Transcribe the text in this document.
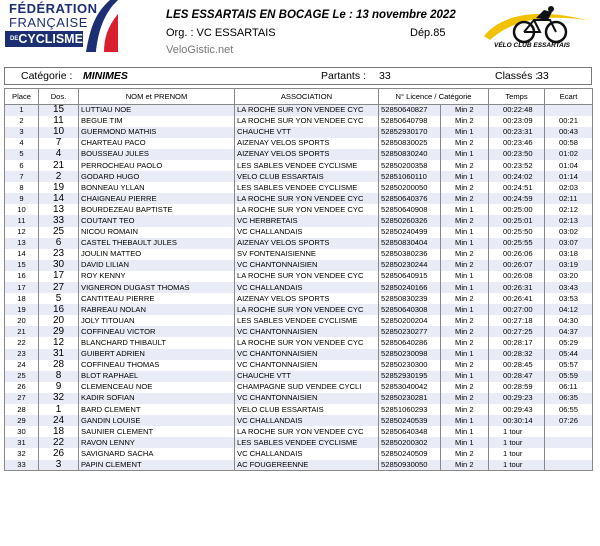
FÉDÉRATION
FRANÇAISE
$^{DE}$CYCLISME
LES ESSARTAIS EN BOCAGE Le : 13 novembre 2022
Org. : VC ESSARTAIS	Dép.85
VeloGistic.net	VÉLO CLUB ESSARTAIS
Catégorie : MINIMES	Partants : 33	Classés :
33
Place	Dos.	NOM et PRENOM	ASSOCIATION	N° Licence / Catégorie		Temps	Ecart
1	15	LUTTIAU NOE	LA ROCHE SUR YON VENDEE CYC	52850640827	Min 2	00:22:48	
2	11	BEGUE TIM	LA ROCHE SUR YON VENDEE CYC	52850640798	Min 2	00:23:09	00:21
3	10	GUERMOND MATHIS	CHAUCHE VTT	52852930170	Min 1	00:23:31	00:43
4	7	CHARTEAU PACO	AIZENAY VELOS SPORTS	52850830025	Min 2	00:23:46	00:58
5	4	BOUSSEAU JULES	AIZENAY VELOS SPORTS	52850830240	Min 1	00:23:50	01:02
6	21	PERROCHEAU PAOLO	LES SABLES VENDEE CYCLISME	52850200358	Min 2	00:23:52	01:04
7	2	GODARD HUGO	VELO CLUB ESSARTAIS	52851060110	Min 1	00:24:02	01:14
8	19	BONNEAU YLLAN	LES SABLES VENDEE CYCLISME	52850200050	Min 2	00:24:51	02:03
9	14	CHAIGNEAU PIERRE	LA ROCHE SUR YON VENDEE CYC	52850640376	Min 2	00:24:59	02:11
10	13	BOURDEZEAU BAPTISTE	LA ROCHE SUR YON VENDEE CYC	52850640908	Min 1	00:25:00	02:12
11	33	COUTANT TEO	VC HERBRETAIS	52850260326	Min 2	00:25:01	02:13
12	25	NICOU ROMAIN	VC CHALLANDAIS	52850240499	Min 1	00:25:50	03:02
13	6	CASTEL THEBAULT JULES	AIZENAY VELOS SPORTS	52850830404	Min 1	00:25:55	03:07
14	23	JOULIN MATTEO	SV FONTENAISIENNE	52850380236	Min 2	00:26:06	03:18
15	30	DAVID LILIAN	VC CHANTONNAISIEN	52850230244	Min 2	00:26:07	03:19
16	17	ROY KENNY	LA ROCHE SUR YON VENDEE CYC	52850640915	Min 1	00:26:08	03:20
17	27	VIGNERON DUGAST THOMAS	VC CHALLANDAIS	52850240166	Min 1	00:26:31	03:43
18	5	CANTITEAU PIERRE	AIZENAY VELOS SPORTS	52850830239	Min 2	00:26:41	03:53
19	16	RABREAU NOLAN	LA ROCHE SUR YON VENDEE CYC	52850640308	Min 1	00:27:00	04:12
20	20	JOLY TITOUAN	LES SABLES VENDEE CYCLISME	52850200204	Min 2	00:27:18	04:30
21	29	COFFINEAU VICTOR	VC CHANTONNAISIEN	52850230277	Min 2	00:27:25	04:37
22	12	BLANCHARD THIBAULT	LA ROCHE SUR YON VENDEE CYC	52850640286	Min 2	00:28:17	05:29
23	31	GUIBERT ADRIEN	VC CHANTONNAISIEN	52850230098	Min 1	00:28:32	05:44
24	28	COFFINEAU THOMAS	VC CHANTONNAISIEN	52850230300	Min 2	00:28:45	05:57
25	8	BLOT RAPHAEL	CHAUCHE VTT	52852930195	Min 1	00:28:47	05:59
26	9	CLEMENCEAU NOE	CHAMPAGNE SUD VENDEE CYCLI	52853040042	Min 2	00:28:59	06:11
27	32	KADIR SOFIAN	VC CHANTONNAISIEN	52850230281	Min 2	00:29:23	06:35
28	1	BARD CLEMENT	VELO CLUB ESSARTAIS	52851060293	Min 2	00:29:43	06:55
29	24	GANDIN LOUISE	VC CHALLANDAIS	52850240539	Min 1	00:30:14	07:26
30	18	SAUNIER CLEMENT	LA ROCHE SUR YON VENDEE CYC	52850640348	Min 1	1 tour	
31	22	RAVON LENNY	LES SABLES VENDEE CYCLISME	52850200302	Min 1	1 tour	
32	26	SAVIGNARD SACHA	VC CHALLANDAIS	52850240509	Min 2	1 tour	
33	3	PAPIN CLEMENT	AC FOUGEREENNE	52850930050	Min 2	1 tour	
